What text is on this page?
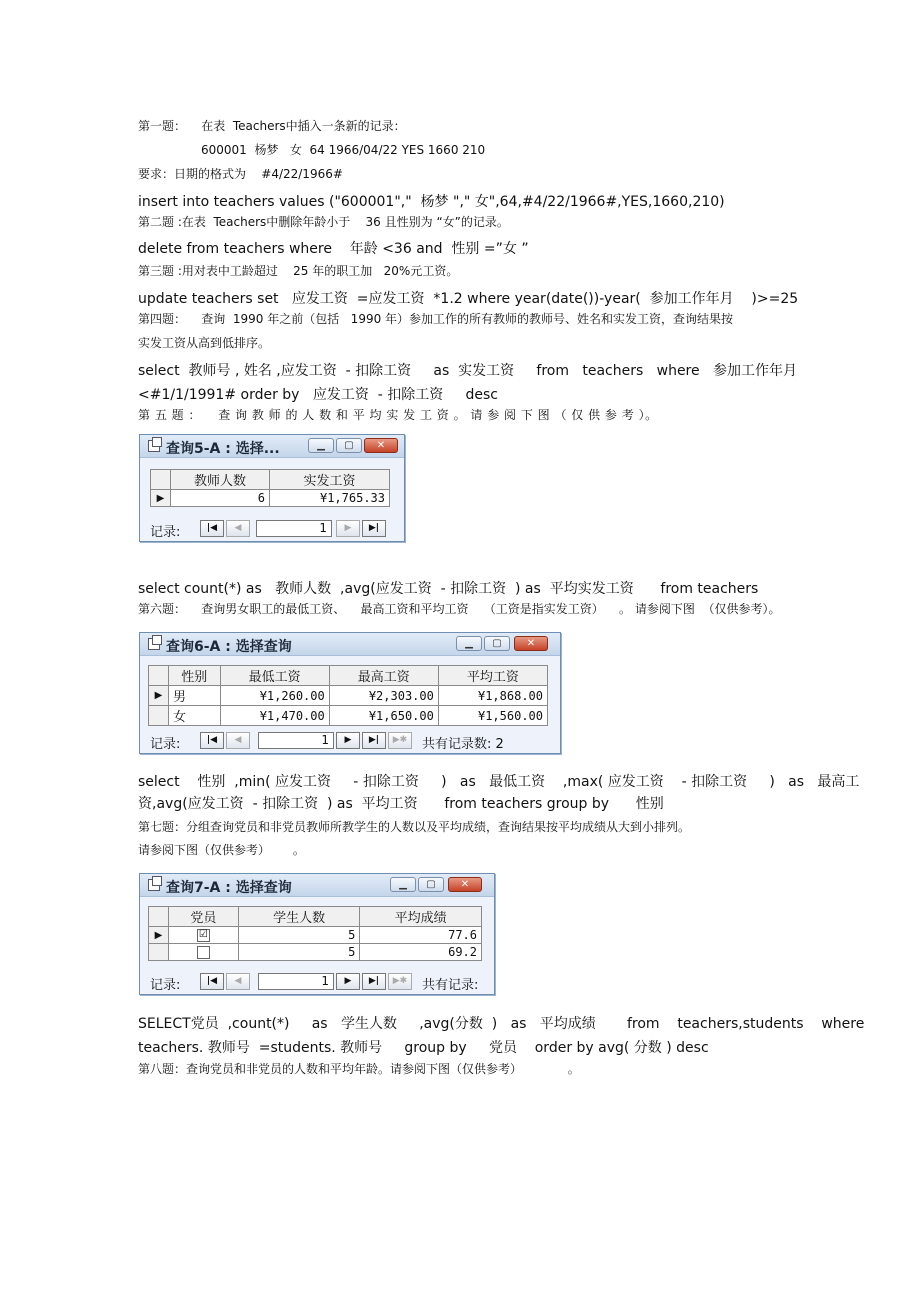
第一题：    在表  Teachers中插入一条新的记录：
600001  杨梦   女  64 1966/04/22 YES 1660 210
要求：日期的格式为    #4/22/1966#
insert into teachers values ("600001","  杨梦 "," 女",64,#4/22/1966#,YES,1660,210)
第二题 :在表  Teachers中删除年龄小于    36 且性别为 “女”的记录。
delete from teachers where    年龄 <36 and  性别 =”女 ”
第三题 :用对表中工龄超过    25 年的职工加   20%元工资。
update teachers set   应发工资  =应发工资  *1.2 where year(date())-year(  参加工作年月    )>=25
第四题：    查询  1990 年之前（包括   1990 年）参加工作的所有教师的教师号、姓名和实发工资，查询结果按
实发工资从高到低排序。
select  教师号 , 姓名 ,应发工资  - 扣除工资     as  实发工资     from   teachers   where   参加工作年月
<#1/1/1991# order by   应发工资  - 扣除工资     desc
第 五 题 ：    查 询 教 师 的 人 数 和 平 均 实 发 工 资 。 请 参 阅 下 图 （ 仅 供 参 考 ）。
查询5-A : 选择...	▁	▢	✕
	教师人数	实发工资
▶	6	¥1,765.33
记录:	|◀	◀	1	▶	▶|
select count(*) as   教师人数  ,avg(应发工资  - 扣除工资  ) as  平均实发工资      from teachers
第六题：    查询男女职工的最低工资、    最高工资和平均工资    （工资是指实发工资）    。 请参阅下图  （仅供参考）。
查询6-A : 选择查询	▁	▢	✕
	性别	最低工资	最高工资	平均工资
▶	男	¥1,260.00	¥2,303.00	¥1,868.00
	女	¥1,470.00	¥1,650.00	¥1,560.00
记录:	|◀	◀	1	▶	▶|	▶✱	共有记录数: 2
select    性别  ,min( 应发工资     - 扣除工资     )   as   最低工资    ,max( 应发工资    - 扣除工资     )   as   最高工
资,avg(应发工资  - 扣除工资  ) as  平均工资      from teachers group by      性别
第七题：分组查询党员和非党员教师所教学生的人数以及平均成绩，查询结果按平均成绩从大到小排列。
请参阅下图（仅供参考）      。
查询7-A : 选择查询	▁	▢	✕
	党员	学生人数	平均成绩
▶	☑	5	77.6
		5	69.2
记录:	|◀	◀	1	▶	▶|	▶✱	共有记录:
SELECT党员  ,count(*)     as   学生人数     ,avg(分数  )   as   平均成绩       from    teachers,students    where
teachers. 教师号  =students. 教师号     group by     党员    order by avg( 分数 ) desc
第八题：查询党员和非党员的人数和平均年龄。请参阅下图（仅供参考）            。
